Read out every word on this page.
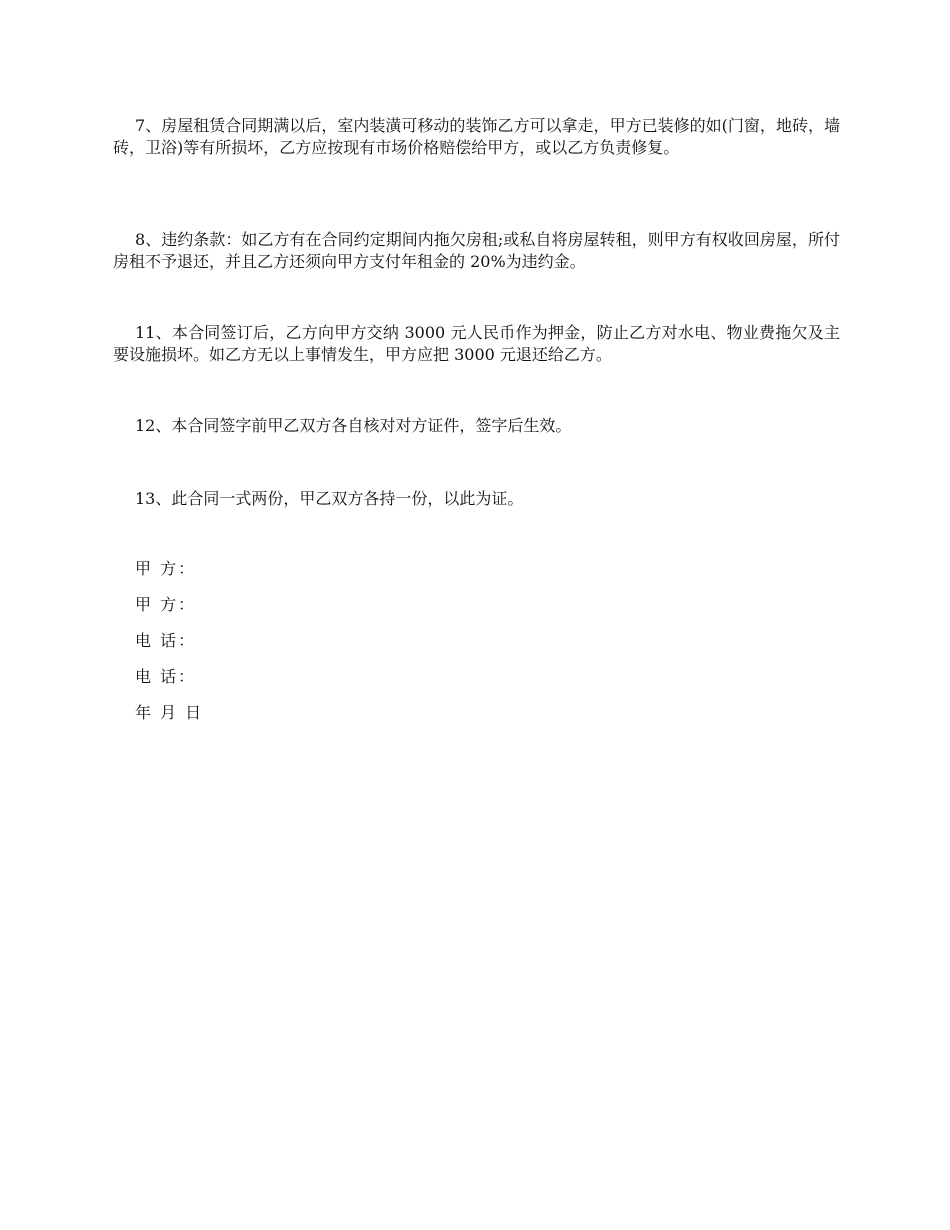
7、房屋租赁合同期满以后，室内装潢可移动的装饰乙方可以拿走，甲方已装修的如(门窗，地砖，墙砖，卫浴)等有所损坏，乙方应按现有市场价格赔偿给甲方，或以乙方负责修复。

8、违约条款：如乙方有在合同约定期间内拖欠房租;或私自将房屋转租，则甲方有权收回房屋，所付房租不予退还，并且乙方还须向甲方支付年租金的 20%为违约金。

11、本合同签订后，乙方向甲方交纳 3000 元人民币作为押金，防止乙方对水电、物业费拖欠及主要设施损坏。如乙方无以上事情发生，甲方应把 3000 元退还给乙方。

12、本合同签字前甲乙双方各自核对对方证件，签字后生效。

13、此合同一式两份，甲乙双方各持一份，以此为证。

甲 方：

甲 方：

电 话：

电 话：

年 月 日
